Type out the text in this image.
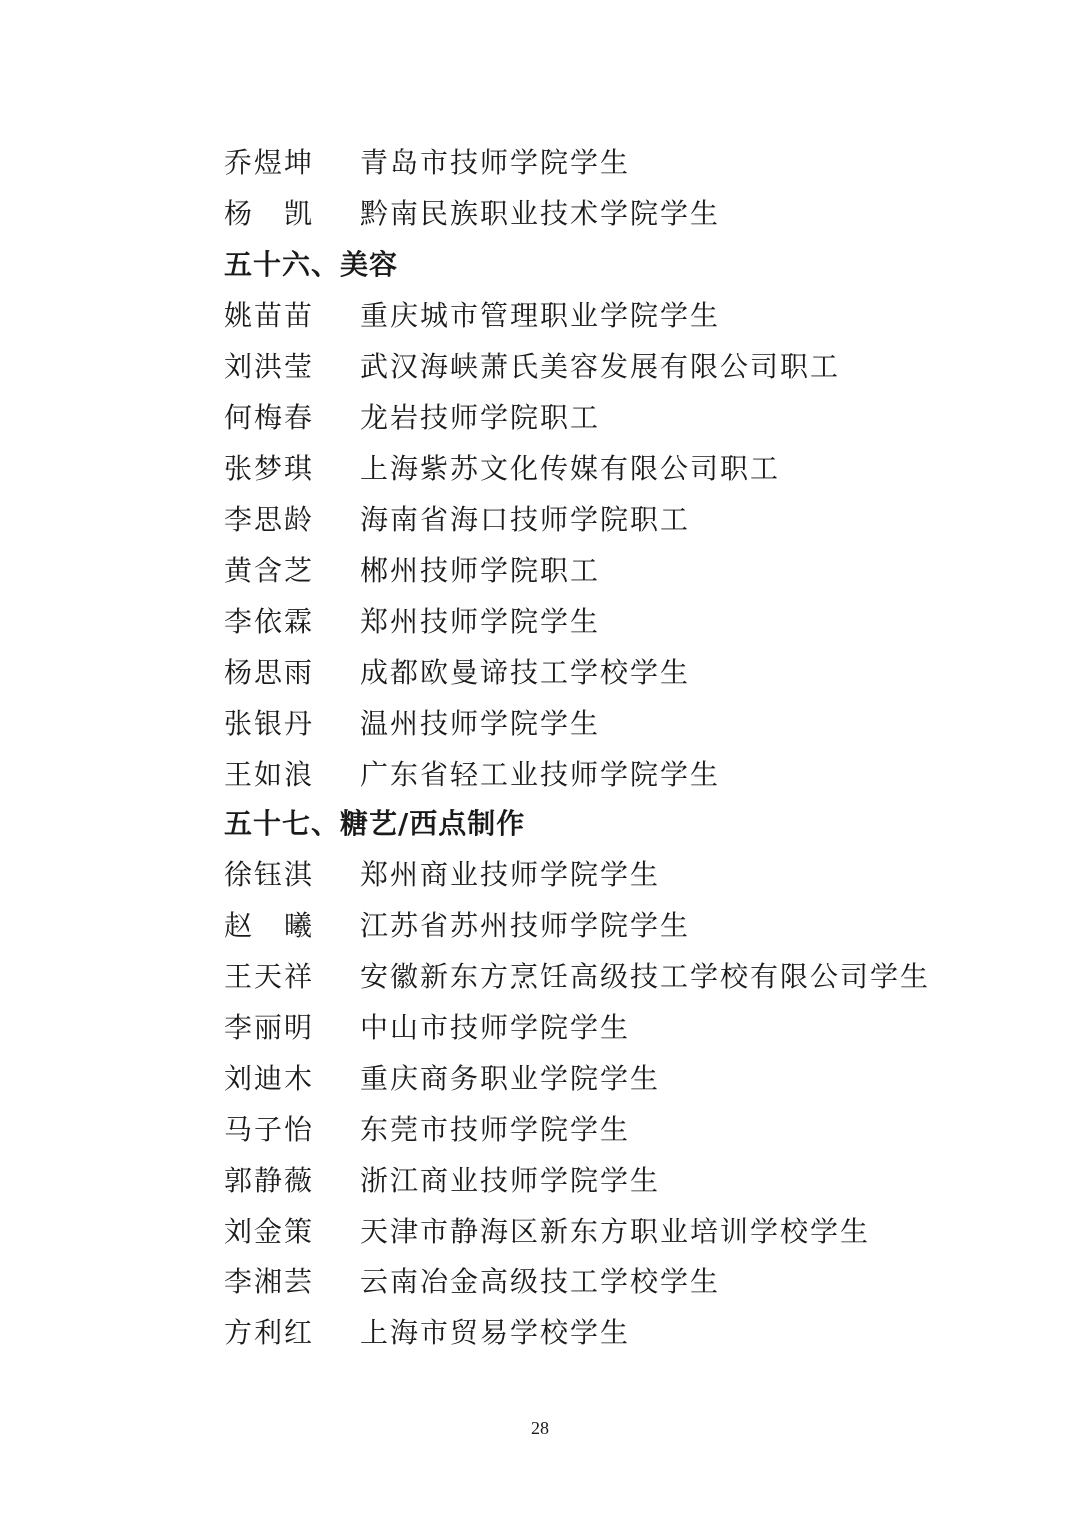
乔煜坤	青岛市技师学院学生
杨　凯	黔南民族职业技术学院学生
五十六、美容
姚苗苗	重庆城市管理职业学院学生
刘洪莹	武汉海峡萧氏美容发展有限公司职工
何梅春	龙岩技师学院职工
张梦琪	上海紫苏文化传媒有限公司职工
李思龄	海南省海口技师学院职工
黄含芝	郴州技师学院职工
李依霖	郑州技师学院学生
杨思雨	成都欧曼谛技工学校学生
张银丹	温州技师学院学生
王如浪	广东省轻工业技师学院学生
五十七、糖艺/西点制作
徐钰淇	郑州商业技师学院学生
赵　曦	江苏省苏州技师学院学生
王天祥	安徽新东方烹饪高级技工学校有限公司学生
李丽明	中山市技师学院学生
刘迪木	重庆商务职业学院学生
马子怡	东莞市技师学院学生
郭静薇	浙江商业技师学院学生
刘金策	天津市静海区新东方职业培训学校学生
李湘芸	云南冶金高级技工学校学生
方利红	上海市贸易学校学生
28
